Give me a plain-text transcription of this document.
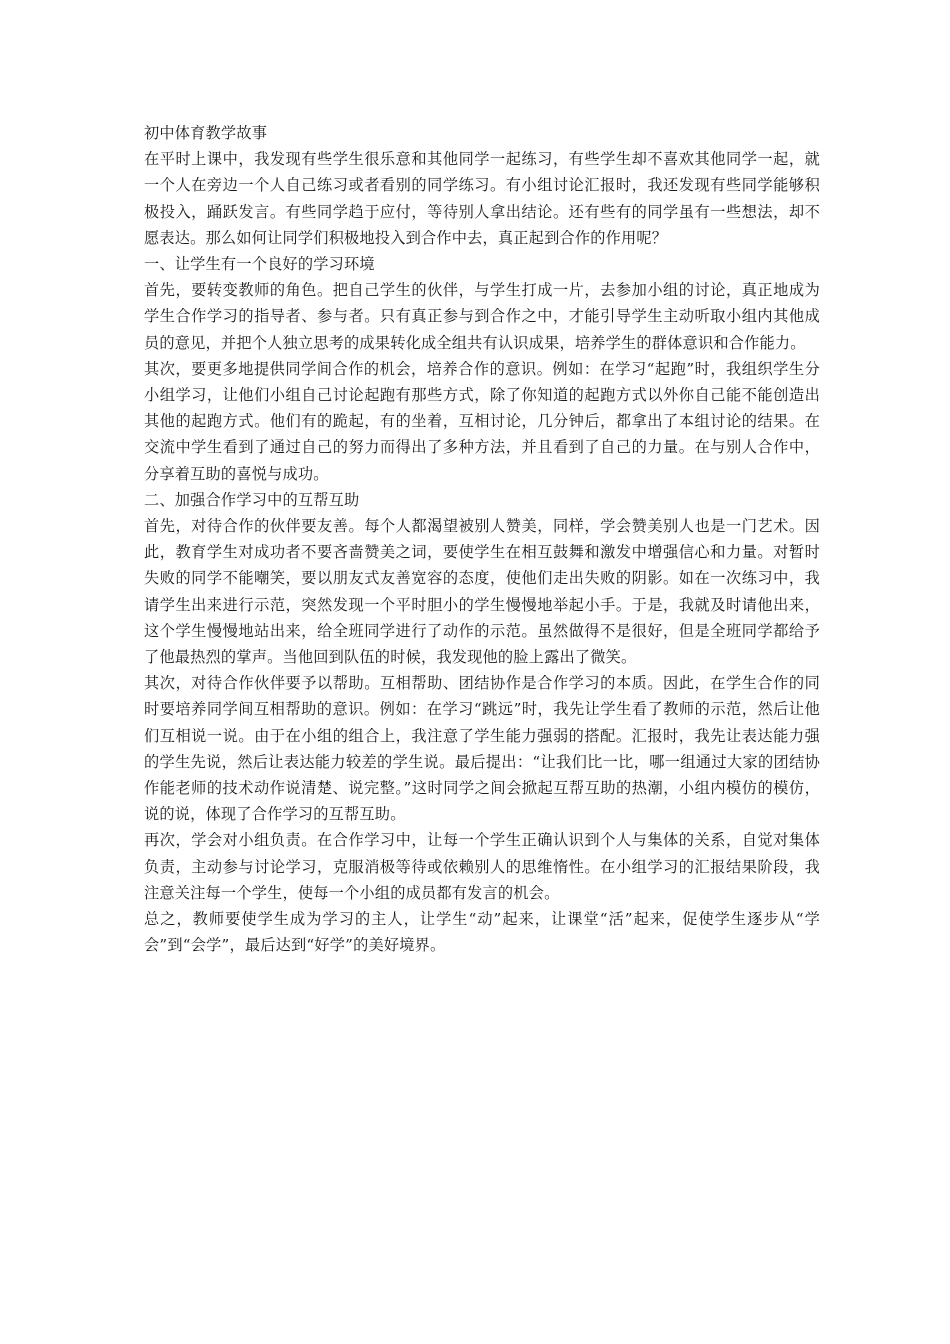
初中体育教学故事

在平时上课中，我发现有些学生很乐意和其他同学一起练习，有些学生却不喜欢其他同学一起，就一个人在旁边一个人自己练习或者看别的同学练习。有小组讨论汇报时，我还发现有些同学能够积极投入，踊跃发言。有些同学趋于应付，等待别人拿出结论。还有些有的同学虽有一些想法，却不愿表达。那么如何让同学们积极地投入到合作中去，真正起到合作的作用呢？

一、让学生有一个良好的学习环境

首先，要转变教师的角色。把自己学生的伙伴，与学生打成一片，去参加小组的讨论，真正地成为学生合作学习的指导者、参与者。只有真正参与到合作之中，才能引导学生主动听取小组内其他成员的意见，并把个人独立思考的成果转化成全组共有认识成果，培养学生的群体意识和合作能力。

其次，要更多地提供同学间合作的机会，培养合作的意识。例如：在学习“起跑”时，我组织学生分小组学习，让他们小组自己讨论起跑有那些方式，除了你知道的起跑方式以外你自己能不能创造出其他的起跑方式。他们有的跪起，有的坐着，互相讨论，几分钟后，都拿出了本组讨论的结果。在交流中学生看到了通过自己的努力而得出了多种方法，并且看到了自己的力量。在与别人合作中，分享着互助的喜悦与成功。

二、加强合作学习中的互帮互助

首先，对待合作的伙伴要友善。每个人都渴望被别人赞美，同样，学会赞美别人也是一门艺术。因此，教育学生对成功者不要吝啬赞美之词，要使学生在相互鼓舞和激发中增强信心和力量。对暂时失败的同学不能嘲笑，要以朋友式友善宽容的态度，使他们走出失败的阴影。如在一次练习中，我请学生出来进行示范，突然发现一个平时胆小的学生慢慢地举起小手。于是，我就及时请他出来，这个学生慢慢地站出来，给全班同学进行了动作的示范。虽然做得不是很好，但是全班同学都给予了他最热烈的掌声。当他回到队伍的时候，我发现他的脸上露出了微笑。

其次，对待合作伙伴要予以帮助。互相帮助、团结协作是合作学习的本质。因此，在学生合作的同时要培养同学间互相帮助的意识。例如：在学习“跳远”时，我先让学生看了教师的示范，然后让他们互相说一说。由于在小组的组合上，我注意了学生能力强弱的搭配。汇报时，我先让表达能力强的学生先说，然后让表达能力较差的学生说。最后提出：“让我们比一比，哪一组通过大家的团结协作能老师的技术动作说清楚、说完整。”这时同学之间会掀起互帮互助的热潮，小组内模仿的模仿，说的说，体现了合作学习的互帮互助。

再次，学会对小组负责。在合作学习中，让每一个学生正确认识到个人与集体的关系，自觉对集体负责，主动参与讨论学习，克服消极等待或依赖别人的思维惰性。在小组学习的汇报结果阶段，我注意关注每一个学生，使每一个小组的成员都有发言的机会。

总之，教师要使学生成为学习的主人，让学生“动”起来，让课堂“活”起来，促使学生逐步从“学会”到“会学”，最后达到“好学”的美好境界。
